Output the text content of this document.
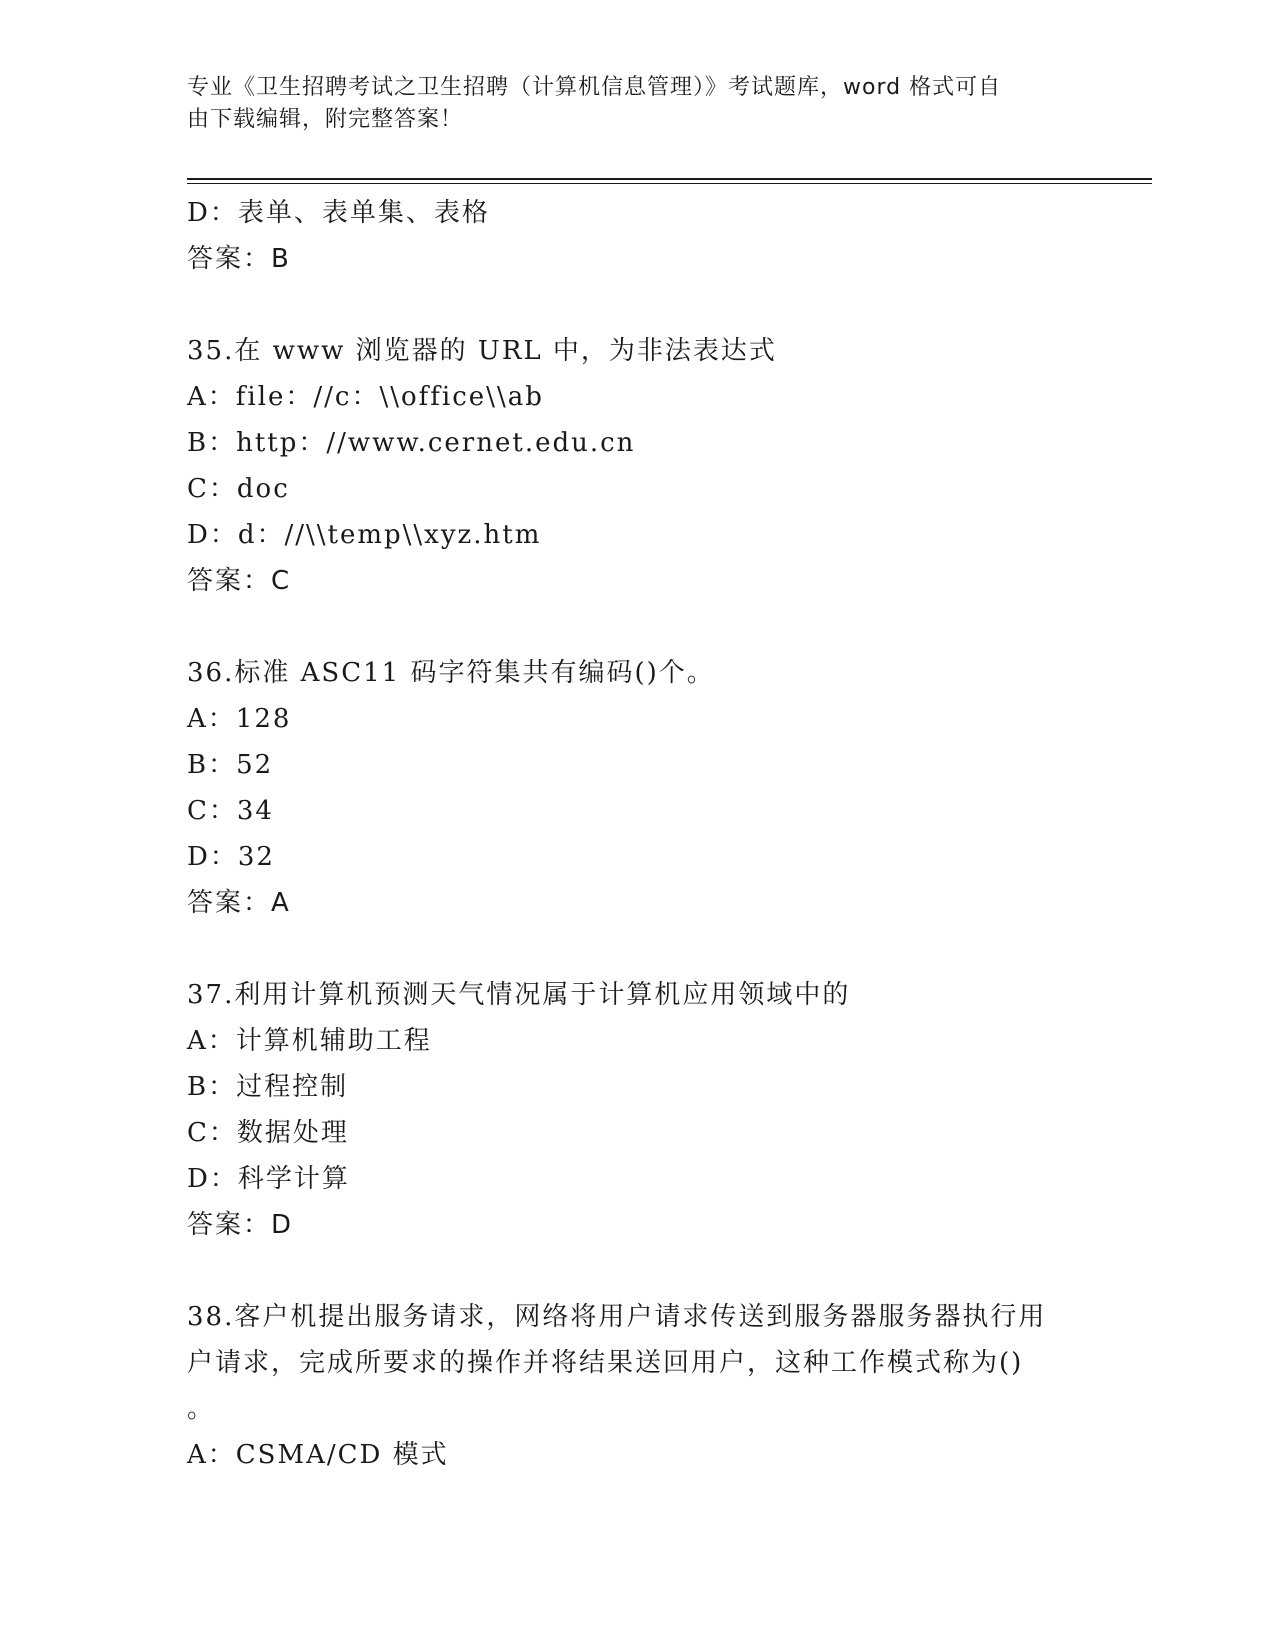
专业《卫生招聘考试之卫生招聘（计算机信息管理）》考试题库，word 格式可自
由下载编辑，附完整答案！
D：表单、表单集、表格
答案：B
35.在 www 浏览器的 URL 中，为非法表达式
A：file：//c：\\office\\ab
B：http：//www.cernet.edu.cn
C：doc
D：d：//\\temp\\xyz.htm
答案：C
36.标准 ASC11 码字符集共有编码()个。
A：128
B：52
C：34
D：32
答案：A
37.利用计算机预测天气情况属于计算机应用领域中的
A：计算机辅助工程
B：过程控制
C：数据处理
D：科学计算
答案：D
38.客户机提出服务请求，网络将用户请求传送到服务器服务器执行用
户请求，完成所要求的操作并将结果送回用户，这种工作模式称为()
。
A：CSMA/CD 模式
